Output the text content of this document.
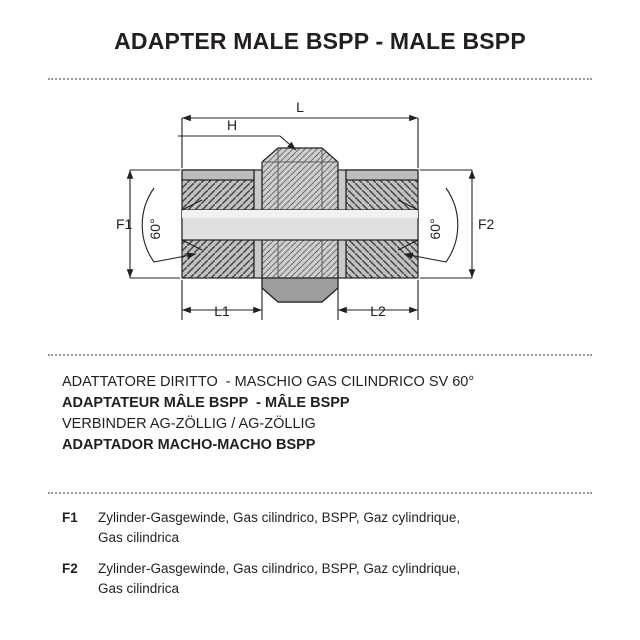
ADAPTER MALE BSPP - MALE BSPP
L
H
F1	F2
L1	L2
60°	60°
ADATTATORE DIRITTO  - MASCHIO GAS CILINDRICO SV 60°
ADAPTATEUR MÂLE BSPP  - MÂLE BSPP
VERBINDER AG-ZÖLLIG / AG-ZÖLLIG
ADAPTADOR MACHO-MACHO BSPP
F1	Zylinder-Gasgewinde, Gas cilindrico, BSPP, Gaz cylindrique,
Gas cilindrica
F2	Zylinder-Gasgewinde, Gas cilindrico, BSPP, Gaz cylindrique,
Gas cilindrica
